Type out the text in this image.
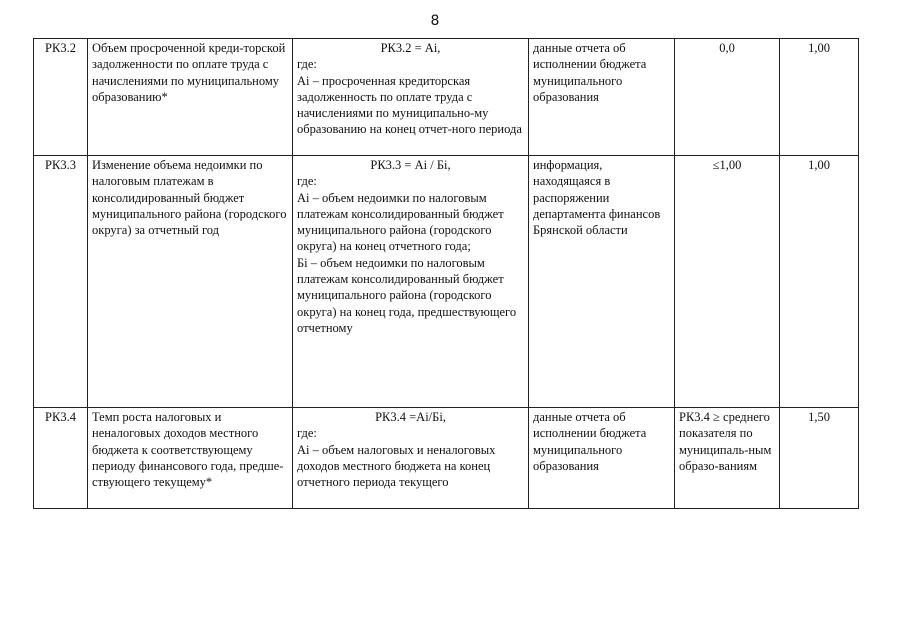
8
РК3.2	Объем просроченной креди-торской задолженности по оплате труда с начислениями по муниципальному образованию*	РК3.2 = Аi,
где:
Аi – просроченная кредиторская задолженность по оплате труда с начислениями по муниципально-му образованию на конец отчет-ного периода	данные отчета об исполнении бюджета муниципального образования	0,0	1,00
РК3.3	Изменение объема недоимки по налоговым платежам в консолидированный бюджет муниципального района (городского округа) за отчетный год	РК3.3 = Аi / Бi,
где:
Аi – объем недоимки по налоговым платежам консолидированный бюджет муниципального района (городского округа) на конец отчетного года;
Бi – объем недоимки по налоговым платежам консолидированный бюджет муниципального района (городского округа) на конец года, предшествующего отчетному	информация, находящаяся в распоряжении департамента финансов Брянской области	≤1,00	1,00
РК3.4	Темп роста налоговых и неналоговых доходов местного бюджета к соответствующему периоду финансового года, предше-ствующего текущему*	РК3.4 =Аi/Бi,
где:
Аi – объем налоговых и неналоговых доходов местного бюджета на конец
отчетного периода текущего	данные отчета об исполнении бюджета муниципального образования	РК3.4 ≥ среднего показателя по муниципаль-ным образо-ваниям	1,50
